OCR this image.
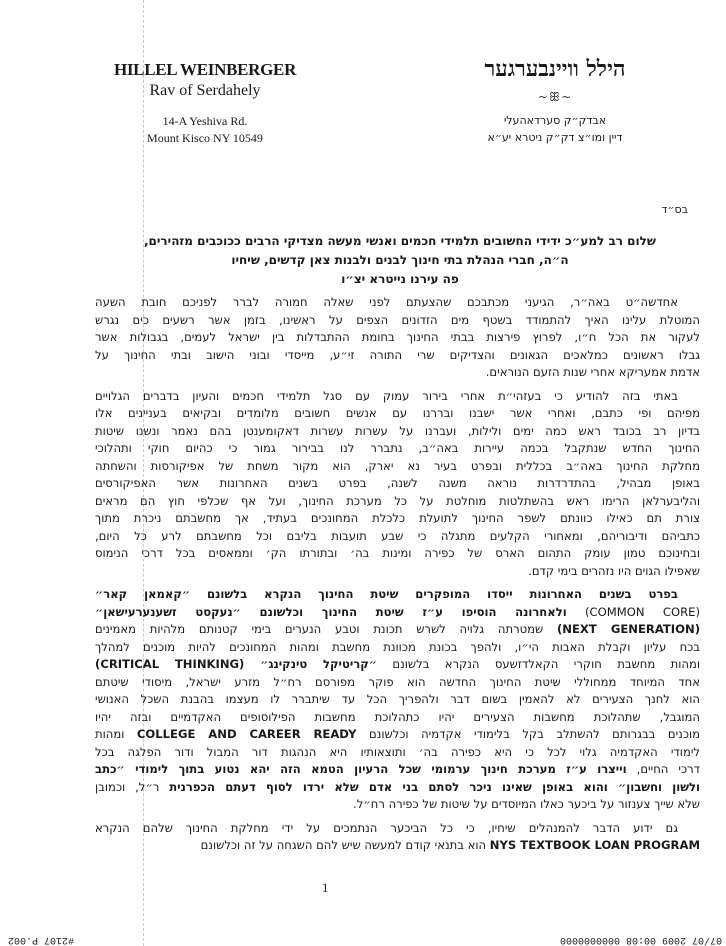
HILLEL WEINBERGER
Rav of Serdahely
14-A Yeshiva Rd.
Mount Kisco NY 10549
הילל וויינבערגער
~ꕥ~
אבדק״ק סערדאהעלי
דיין ומו״צ דק״ק ניטרא יע״א
בס״ד
שלום רב למע״כ ידידי החשובים תלמידי חכמים ואנשי מעשה מצדיקי הרבים ככוכבים מזהירים,
ה״ה, חברי הנהלת בתי חינוך לבנים ולבנות צאן קדשים, שיחיו
פה עירנו נייטרא יצ״ו
אחדשה״ט באה״ר, הגיעני מכתבכם שהצעתם לפני שאלה חמורה לברר לפניכם חובת השעה
המוטלת עלינו האיך להתמודד בשטף מים הזדונים הצפים על ראשינו, בזמן אשר רשעים כים נגרש
לעקור את הכל ח״ו, לפרוץ פירצות בבתי החינוך בחומת ההתבדלות בין ישראל לעמים, בגבולות אשר
גבלו ראשונים כמלאכים הגאונים והצדיקים שרי התורה זי״ע, מייסדי ובוני הישוב ובתי החינוך על
אדמת אמעריקא אחרי שנות הזעם הנוראים.
באתי בזה להודיע כי בעזהי״ת אחרי בירור עמוק עם סגל תלמידי חכמים והעיון בדברים הגלויים
מפיהם ופי כתבם, ואחרי אשר ישבנו ובררנו עם אנשים חשובים מלומדים ובקיאים בעניינים אלו
בדיון רב בכובד ראש כמה ימים ולילות, ועברנו על עשרות עשרות דאקומענטן בהם נאמר ונשנו שיטות
החינוך החדש שנתקבל בכמה עיירות באה״ב, נתברר לנו בבירור גמור כי כהיום חוקי ותהלוכי
מחלקת החינוך באה״ב בכללית ובפרט בעיר נא יארק, הוא מקור משחת של אפיקורסות והשחתה
באופן מבהיל, בהתדרדרות נוראה משנה לשנה, בפרט בשנים האחרונות אשר האפיקורסים
והליבערלאן הרימו ראש בהשתלטות מוחלטת על כל מערכת החינוך, ועל אף שכלפי חוץ הם מראים
צורת תם כאילו כוונתם לשפר החינוך לתועלת כלכלת המחונכים בעתיד, אך מחשבתם ניכרת מתוך
כתביהם ודיבוריהם, ומאחורי הקלעים מתגלה כי שבע תועבות בליבם וכל מחשבתם לרע כל היום,
ובחינוכם טמון עומק התהום הארס של כפירה ומינות בה׳ ובתורתו הק׳ וממאסים בכל דרכי הנימוס
שאפילו הגוים היו נזהרים בימי קדם.
בפרט בשנים האחרונות ייסדו המופקרים שיטת החינוך הנקרא בלשונם ״קאמאן קאר״
(COMMON CORE) ולאחרונה הוסיפו ע״ז שיטת החינוך וכלשונם ״נעקסט זשענערעישאן״
(NEXT GENERATION) שמטרתה גלויה לשרש תכונת וטבע הנערים בימי קטנותם מלהיות מאמינים
בכח עליון וקבלת האבות הי״ו, ולהפך בכונת מכוונת מחשבת ומהות המחונכים להיות מוכנים למהלך
ומהות מחשבת חוקרי הקאלדזשעס הנקרא בלשונם ״קריטיקל טינקינג״ (CRITICAL THINKING)
אחד המיוחד ממחוללי שיטת החינוך החדשה הוא פוקר מפורסם רח״ל מזרע ישראל, מיסודי שיטתם
הוא לחנך הצעירים לא להאמין בשום דבר ולהפריך הכל עד שיתברר לו מעצמו בהבנת השכל האנושי
המוגבל, שתהלוכת מחשבות הצעירים יהיו כתהלוכת מחשבות הפילוסופים האקדמיים ובזה יהיו
מוכנים בבגרותם להשתלב בקל בלימודי אקדמיה וכלשונם COLLEGE AND CAREER READY ומהות
לימודי האקדמיה גלוי לכל כי היא כפירה בה׳ ותוצאותיו היא הנהגות דור המבול ודור הפלגה בכל
דרכי החיים, וייצרו ע״ז מערכת חינוך ערמומי שכל הרעיון הטמא הזה יהא נטוע בתוך לימודי ״כתב
ולשון וחשבון״ והוא באופן שאינו ניכר לסתם בני אדם שלא ירדו לסוף דעתם הכפרנית ר״ל, וכמובן
שלא שייך צענזור על ביכער כאלו המיוסדים על שיטות של כפירה רח״ל.
גם ידוע הדבר להמנהלים שיחיו, כי כל הביכער הנתמכים על ידי מחלקת החינוך שלהם הנקרא
NYS TEXTBOOK LOAN PROGRAM הוא בתנאי קודם למעשה שיש להם השגחה על זה וכלשונם
1
#2107 P.002	07/07 2009 00:08 0000000000
